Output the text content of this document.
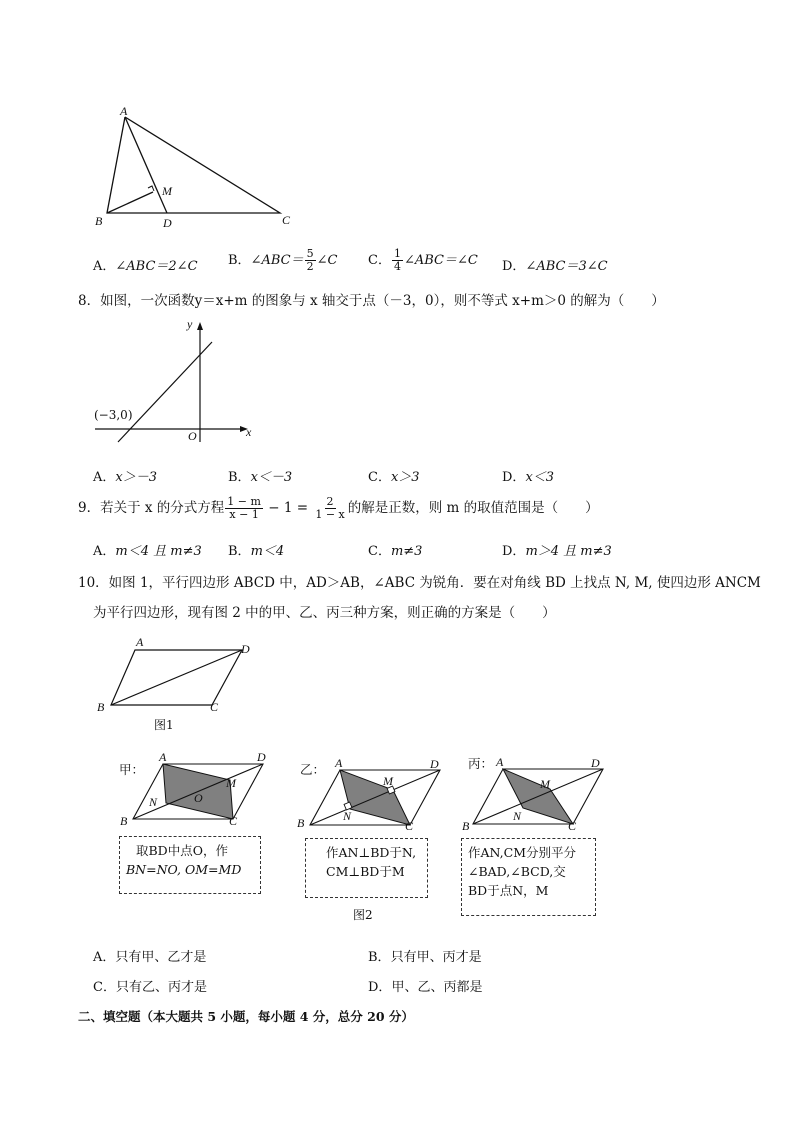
A
B	C
D
M
A．∠ABC＝2∠C B．∠ABC＝ $\frac{5}{2}$ ∠C C． $\frac{1}{4}$ ∠ABC＝∠C D．∠ABC＝3∠C
8．如图，一次函数y＝x+m 的图象与 x 轴交于点（－3，0），则不等式 x+m＞0 的解为（　　）
y
x
O
(−3,0)
A．x＞－3	B．x＜－3	C．x＞3	D．x＜3
9．若关于 x 的分式方程 $\frac{1 - m}{x - 1} - 1 = \frac{2}{1 - x}$ 的解是正数，则 m 的取值范围是（　　）
A．m＜4 且 m≠3 B．m＜4	C．m≠3	D．m＞4 且 m≠3
10．如图 1，平行四边形 ABCD 中，AD＞AB，∠ABC 为锐角．要在对角线 BD 上找点 N, M, 使四边形 ANCM
为平行四边形，现有图 2 中的甲、乙、丙三种方案，则正确的方案是（　　）
A	D
B	C
图1
甲：
A	D
B	C
M
N	O
取BD中点O，作
BN=NO, OM=MD
乙： A	D
B	C
M
N
作AN⊥BD于N,
CM⊥BD于M
图2
丙： A	D
B	C
M
N
作AN,CM分别平分
∠BAD,∠BCD,交
BD于点N，M
A．只有甲、乙才是	B．只有甲、丙才是
C．只有乙、丙才是	D．甲、乙、丙都是
二、填空题（本大题共 5 小题，每小题 4 分，总分 20 分）
